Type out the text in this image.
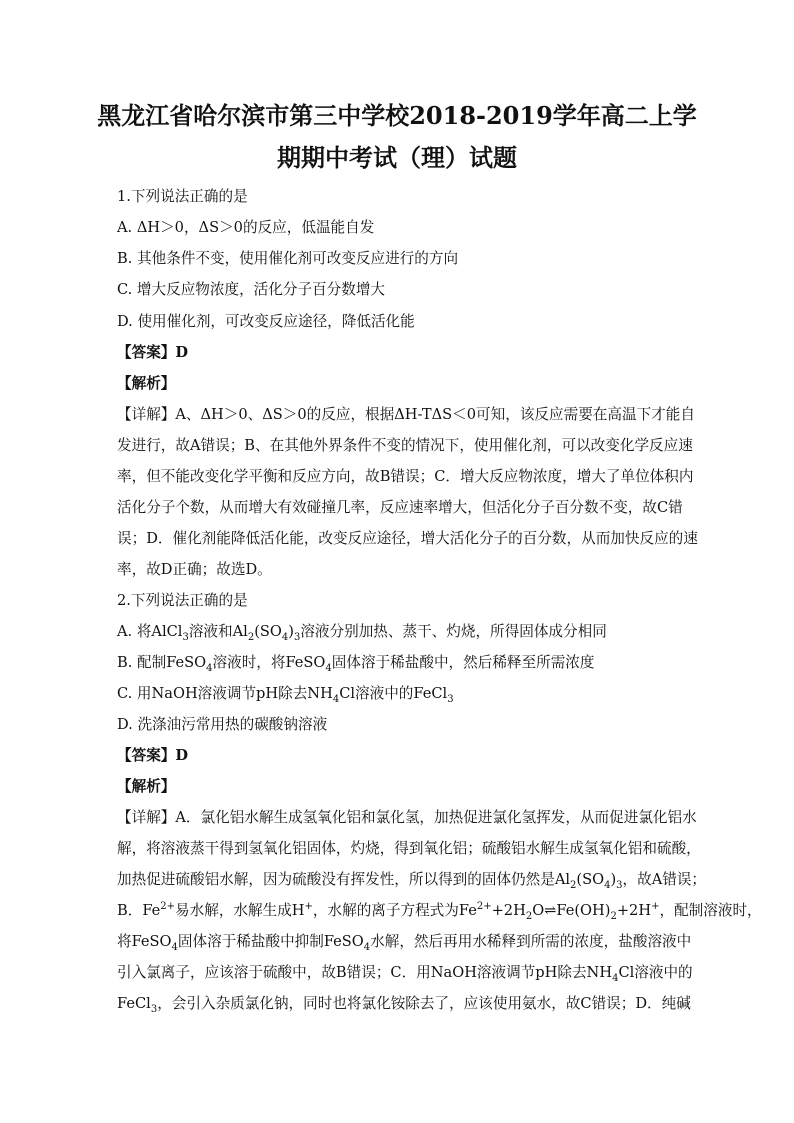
黑龙江省哈尔滨市第三中学校2018-2019学年高二上学
期期中考试（理）试题
1.下列说法正确的是
A. ΔH＞0，ΔS＞0的反应，低温能自发
B. 其他条件不变，使用催化剂可改变反应进行的方向
C. 增大反应物浓度，活化分子百分数增大
D. 使用催化剂，可改变反应途径，降低活化能
【答案】D
【解析】
【详解】A、ΔH＞0、ΔS＞0的反应，根据ΔH-TΔS＜0可知，该反应需要在高温下才能自
发进行，故A错误；B、在其他外界条件不变的情况下，使用催化剂，可以改变化学反应速
率，但不能改变化学平衡和反应方向，故B错误；C．增大反应物浓度，增大了单位体积内
活化分子个数，从而增大有效碰撞几率，反应速率增大，但活化分子百分数不变，故C错
误；D．催化剂能降低活化能，改变反应途径，增大活化分子的百分数，从而加快反应的速
率，故D正确；故选D。
2.下列说法正确的是
A. 将AlCl$_3$溶液和$Al_2(SO_4)_3$溶液分别加热、蒸干、灼烧，所得固体成分相同
B. 配制FeSO$_4$溶液时，将FeSO$_4$固体溶于稀盐酸中，然后稀释至所需浓度
C. 用NaOH溶液调节pH除去$NH_4Cl$溶液中的FeCl$_3$
D. 洗涤油污常用热的碳酸钠溶液
【答案】D
【解析】
【详解】A．氯化铝水解生成氢氧化铝和氯化氢，加热促进氯化氢挥发，从而促进氯化铝水
解，将溶液蒸干得到氢氧化铝固体，灼烧，得到氧化铝；硫酸铝水解生成氢氧化铝和硫酸，
加热促进硫酸铝水解，因为硫酸没有挥发性，所以得到的固体仍然是$Al_2(SO_4)_3$，故A错误；
B．$Fe^{2+}$易水解，水解生成H+，水解的离子方程式为$Fe^{2+}+2H_2O\rightleftharpoons Fe(OH)_2+2H^+$，配制溶液时，
将FeSO$_4$固体溶于稀盐酸中抑制FeSO$_4$水解，然后再用水稀释到所需的浓度，盐酸溶液中
引入氯离子，应该溶于硫酸中，故B错误；C．用NaOH溶液调节pH除去$NH_4Cl$溶液中的
FeCl$_3$，会引入杂质氯化钠，同时也将氯化铵除去了，应该使用氨水，故C错误；D．纯碱
